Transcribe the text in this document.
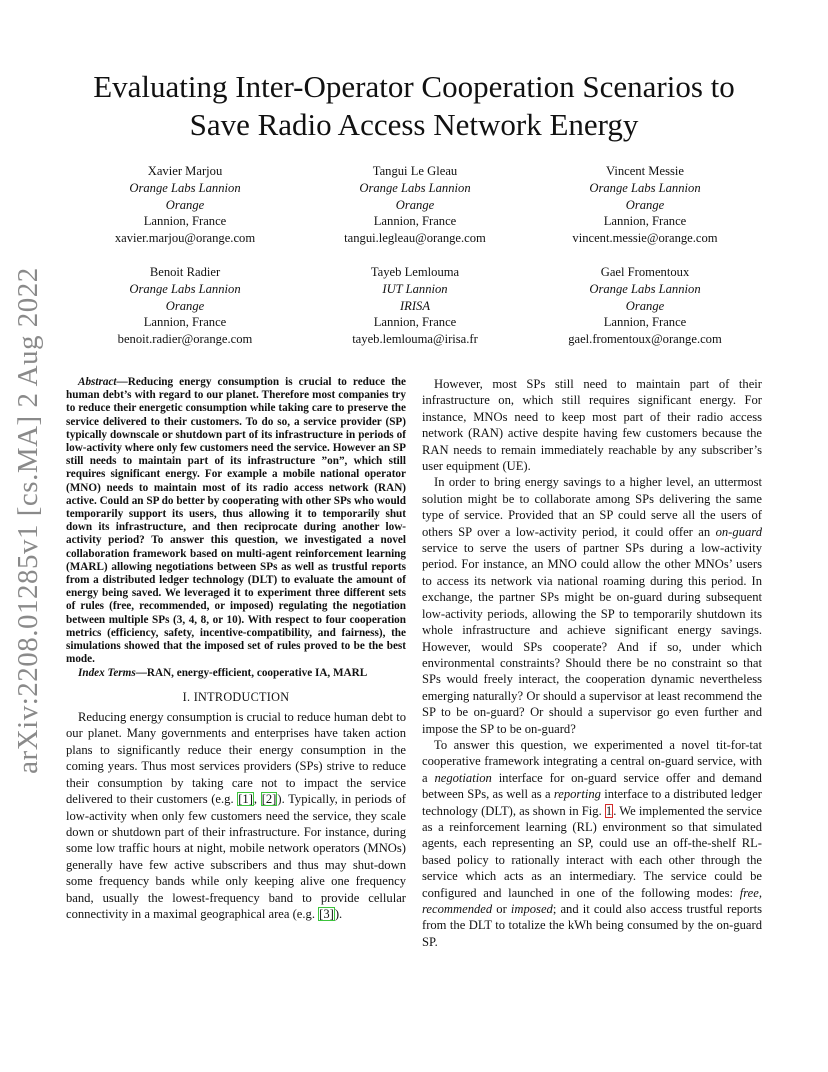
arXiv:2208.01285v1 [cs.MA] 2 Aug 2022
Evaluating Inter-Operator Cooperation Scenarios to Save Radio Access Network Energy
Xavier Marjou
Orange Labs Lannion
Orange
Lannion, France
xavier.marjou@orange.com
Tangui Le Gleau
Orange Labs Lannion
Orange
Lannion, France
tangui.legleau@orange.com
Vincent Messie
Orange Labs Lannion
Orange
Lannion, France
vincent.messie@orange.com
Benoit Radier
Orange Labs Lannion
Orange
Lannion, France
benoit.radier@orange.com
Tayeb Lemlouma
IUT Lannion
IRISA
Lannion, France
tayeb.lemlouma@irisa.fr
Gael Fromentoux
Orange Labs Lannion
Orange
Lannion, France
gael.fromentoux@orange.com

Abstract—Reducing energy consumption is crucial to reduce the human debt’s with regard to our planet. Therefore most companies try to reduce their energetic consumption while taking care to preserve the service delivered to their customers. To do so, a service provider (SP) typically downscale or shutdown part of its infrastructure in periods of low-activity where only few customers need the service. However an SP still needs to maintain part of its infrastructure ”on”, which still requires significant energy. For example a mobile national operator (MNO) needs to maintain most of its radio access network (RAN) active. Could an SP do better by cooperating with other SPs who would temporarily support its users, thus allowing it to temporarily shut down its infrastructure, and then reciprocate during another low-activity period? To answer this question, we investigated a novel collaboration framework based on multi-agent reinforcement learning (MARL) allowing negotiations between SPs as well as trustful reports from a distributed ledger technology (DLT) to evaluate the amount of energy being saved. We leveraged it to experiment three different sets of rules (free, recommended, or imposed) regulating the negotiation between multiple SPs (3, 4, 8, or 10). With respect to four cooperation metrics (efficiency, safety, incentive-compatibility, and fairness), the simulations showed that the imposed set of rules proved to be the best mode.

Index Terms—RAN, energy-efficient, cooperative IA, MARL

I. INTRODUCTION

Reducing energy consumption is crucial to reduce human debt to our planet. Many governments and enterprises have taken action plans to significantly reduce their energy consumption in the coming years. Thus most services providers (SPs) strive to reduce their consumption by taking care not to impact the service delivered to their customers (e.g. [1], [2]). Typically, in periods of low-activity when only few customers need the service, they scale down or shutdown part of their infrastructure. For instance, during some low traffic hours at night, mobile network operators (MNOs) generally have few active subscribers and thus may shut-down some frequency bands while only keeping alive one frequency band, usually the lowest-frequency band to provide cellular connectivity in a maximal geographical area (e.g. [3]).

However, most SPs still need to maintain part of their infrastructure on, which still requires significant energy. For instance, MNOs need to keep most part of their radio access network (RAN) active despite having few customers because the RAN needs to remain immediately reachable by any subscriber’s user equipment (UE).

In order to bring energy savings to a higher level, an uttermost solution might be to collaborate among SPs delivering the same type of service. Provided that an SP could serve all the users of others SP over a low-activity period, it could offer an on-guard service to serve the users of partner SPs during a low-activity period. For instance, an MNO could allow the other MNOs’ users to access its network via national roaming during this period. In exchange, the partner SPs might be on-guard during subsequent low-activity periods, allowing the SP to temporarily shutdown its whole infrastructure and achieve significant energy savings. However, would SPs cooperate? And if so, under which environmental constraints? Should there be no constraint so that SPs would freely interact, the cooperation dynamic nevertheless emerging naturally? Or should a supervisor at least recommend the SP to be on-guard? Or should a supervisor go even further and impose the SP to be on-guard?

To answer this question, we experimented a novel tit-for-tat cooperative framework integrating a central on-guard service, with a negotiation interface for on-guard service offer and demand between SPs, as well as a reporting interface to a distributed ledger technology (DLT), as shown in Fig. 1. We implemented the service as a reinforcement learning (RL) environment so that simulated agents, each representing an SP, could use an off-the-shelf RL-based policy to rationally interact with each other through the service which acts as an intermediary. The service could be configured and launched in one of the following modes: free, recommended or imposed; and it could also access trustful reports from the DLT to totalize the kWh being consumed by the on-guard SP.
